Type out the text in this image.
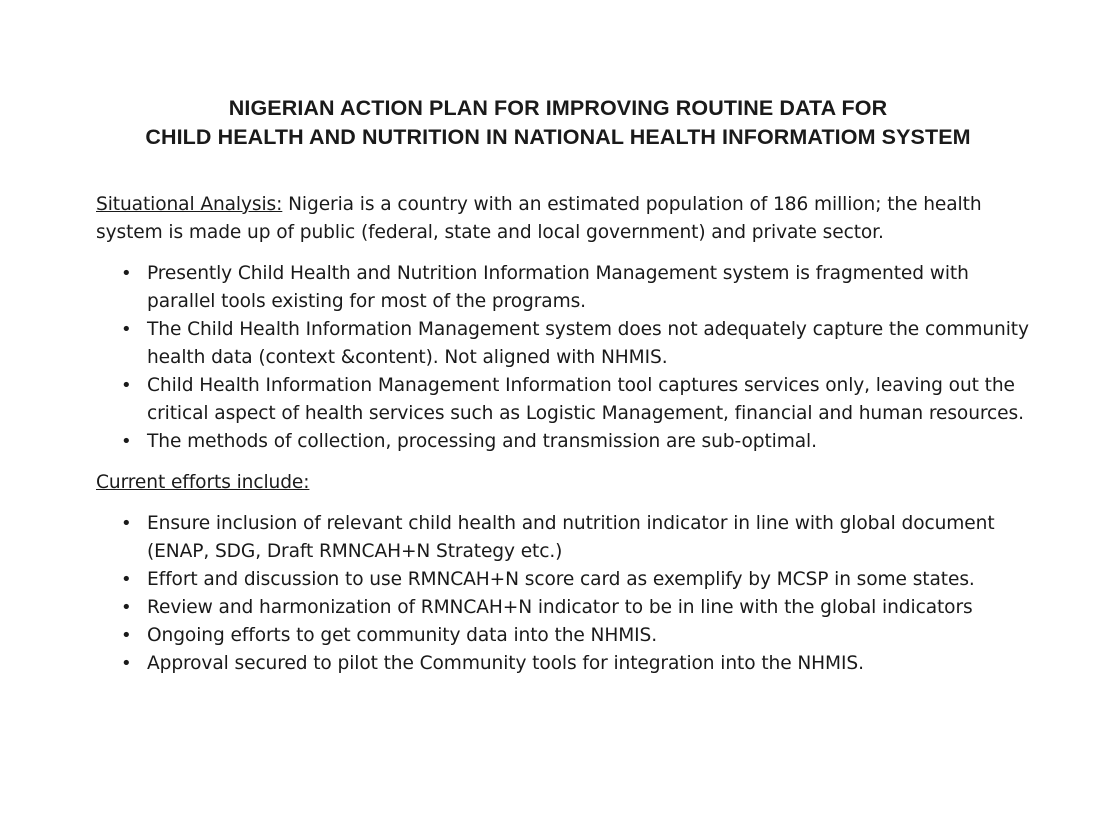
NIGERIAN ACTION PLAN FOR IMPROVING ROUTINE DATA FOR
CHILD HEALTH AND NUTRITION IN NATIONAL HEALTH INFORMATIOM SYSTEM

Situational Analysis: Nigeria is a country with an estimated population of 186 million; the health system is made up of public (federal, state and local government) and private sector.

• Presently Child Health and Nutrition Information Management system is fragmented with parallel tools existing for most of the programs.
• The Child Health Information Management system does not adequately capture the community health data (context &content). Not aligned with NHMIS.
• Child Health Information Management Information tool captures services only, leaving out the critical aspect of health services such as Logistic Management, financial and human resources.
• The methods of collection, processing and transmission are sub-optimal.

Current efforts include:

• Ensure inclusion of relevant child health and nutrition indicator in line with global document (ENAP, SDG, Draft RMNCAH+N Strategy etc.)
• Effort and discussion to use RMNCAH+N score card as exemplify by MCSP in some states.
• Review and harmonization of RMNCAH+N indicator to be in line with the global indicators
• Ongoing efforts to get community data into the NHMIS.
• Approval secured to pilot the Community tools for integration into the NHMIS.
